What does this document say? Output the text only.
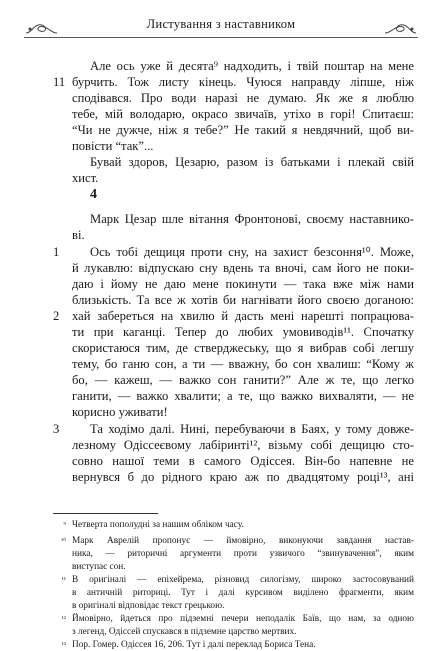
Листування з наставником
Але ось уже й десята⁹ надходить, і твій поштар на мене
бурчить. Тож листу кінець. Чуюся направду ліпше, ніж
11
сподівався. Про води наразі не думаю. Як же я люблю
тебе, мій володарю, окрасо звичаїв, утіхо в горі! Спитаєш:
“Чи не дужче, ніж я тебе?” Не такий я невдячний, щоб ви-
повісти “так”...
Бувай здоров, Цезарю, разом із батьками і плекай свій
хист.
Марк Цезар шле вітання Фронтонові, своєму наставнико-
ві.
Ось тобі дещиця проти сну, на захист безсоння¹⁰. Може,
1
й лукавлю: відпускаю сну вдень та вночі, сам його не поки-
даю і йому не даю мене покинути — така вже між нами
близькість. Та все ж хотів би нагнівати його своєю доганою:
хай забереться на хвилю й дасть мені нарешті попрацюва-
2
ти при каганці. Тепер до любих умовиводів¹¹. Спочатку
скористаюся тим, де стверджеську, що я вибрав собі легшу
тему, бо ганю сон, а ти — вважну, бо сон хвалиш: “Кому ж
бо, — кажеш, — важко сон ганити?” Але ж те, що легко
ганити, — важко хвалити; а те, що важко вихваляти, — не
корисно уживати!
Та ходімо далі. Нині, перебуваючи в Баях, у тому довже-
3
лезному Одіссеєвому лабіринті¹², візьму собі дещицю сто-
совно нашої теми в самого Одіссея. Він-бо напевне не
вернувся б до рідного краю аж по двадцятому році¹³, ані
4
⁹ Четверта пополудні за нашим обліком часу.
¹⁰ Марк Аврелій пропонує — ймовірно, виконуючи завдання настав-
ника, — риторичні аргументи проти узвичого “звинувачення”, яким
виступає сон.
¹¹ В оригіналі — епіхейрема, різновид силогізму, широко застосовуваний
в античній риториці. Тут і далі курсивом виділено фрагменти, яким
в оригіналі відповідає текст грецькою.
¹² Ймовірно, йдеться про підземні печери неподалік Баїв, що нам, за одною
з легенд, Одіссей спускався в підземне царство мертвих.
¹³ Пор. Гомер. Одіссея 16, 206. Тут і далі переклад Бориса Тена.
